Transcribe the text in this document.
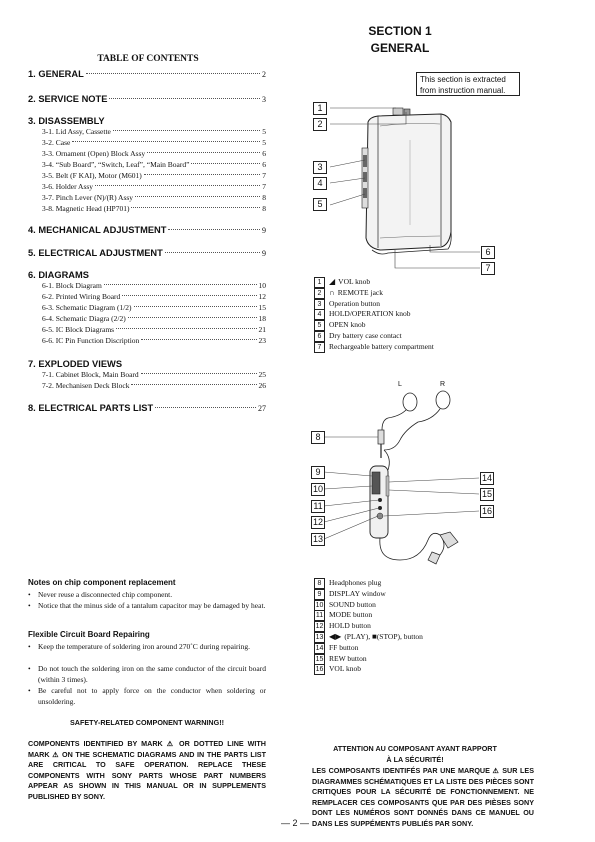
SECTION 1
GENERAL
This section is extracted from instruction manual.
TABLE OF CONTENTS
1. GENERAL	2
2. SERVICE NOTE	3
3. DISASSEMBLY
3-1. Lid Assy, Cassette	5
3-2. Case	5
3-3. Ornament (Open) Block Assy	6
3-4. “Sub Board”, “Switch, Leaf”, “Main Board”	6
3-5. Belt (F KAI), Motor (M601)	7
3-6. Holder Assy	7
3-7. Pinch Lever (N)/(R) Assy	8
3-8. Magnetic Head (HP701)	8
4. MECHANICAL ADJUSTMENT	9
5. ELECTRICAL ADJUSTMENT	9
6. DIAGRAMS
6-1. Block Diagram	10
6-2. Printed Wiring Board	12
6-3. Schematic Diagram (1/2)	15
6-4. Schematic Diagra (2/2)	18
6-5. IC Block Diagrams	21
6-6. IC Pin Function Discription	23
7. EXPLODED VIEWS
7-1. Cabinet Block, Main Board	25
7-2. Mechanisen Deck Block	26
8. ELECTRICAL PARTS LIST	27
1
2
3
4
5
6
7
1 ◢ VOL knob
2 ∩ REMOTE jack
3	Operation button
4	HOLD/OPERATION knob
5	OPEN knob
6	Dry battery case contact
7	Rechargeable battery compartment
L	R
8
9
10
11
12
13
14
15
16
8	Headphones plug
9	DISPLAY window
10 SOUND button
11 MODE button
12 HOLD button
13 ◀▶ (PLAY), ■(STOP), button
14 FF button
15 REW button
16 VOL knob
Notes on chip component replacement
• Never reuse a disconnected chip component.
• Notice that the minus side of a tantalum capacitor may be damaged by heat.
Flexible Circuit Board Repairing
• Keep the temperature of soldering iron around 270˚C during repairing.
• Do not touch the soldering iron on the same conductor of the circuit board (within 3 times).
• Be careful not to apply force on the conductor when soldering or unsoldering.
SAFETY-RELATED COMPONENT WARNING!!
COMPONENTS IDENTIFIED BY MARK ⚠ OR DOTTED LINE WITH MARK ⚠ ON THE SCHEMATIC DIAGRAMS AND IN THE PARTS LIST ARE CRITICAL TO SAFE OPERATION. REPLACE THESE COMPONENTS WITH SONY PARTS WHOSE PART NUMBERS APPEAR AS SHOWN IN THIS MANUAL OR IN SUPPLEMENTS PUBLISHED BY SONY.
ATTENTION AU COMPOSANT AYANT RAPPORT
À LA SÉCURITÉ!
LES COMPOSANTS IDENTIFÉS PAR UNE MARQUE ⚠ SUR LES DIAGRAMMES SCHÉMATIQUES ET LA LISTE DES PIÈCES SONT CRITIQUES POUR LA SÉCURITÉ DE FONCTIONNEMENT. NE REMPLACER CES COMPOSANTS QUE PAR DES PIÈSES SONY DONT LES NUMÉROS SONT DONNÉS DANS CE MANUEL OU DANS LES SUPPÉMENTS PUBLIÉS PAR SONY.
— 2 —
